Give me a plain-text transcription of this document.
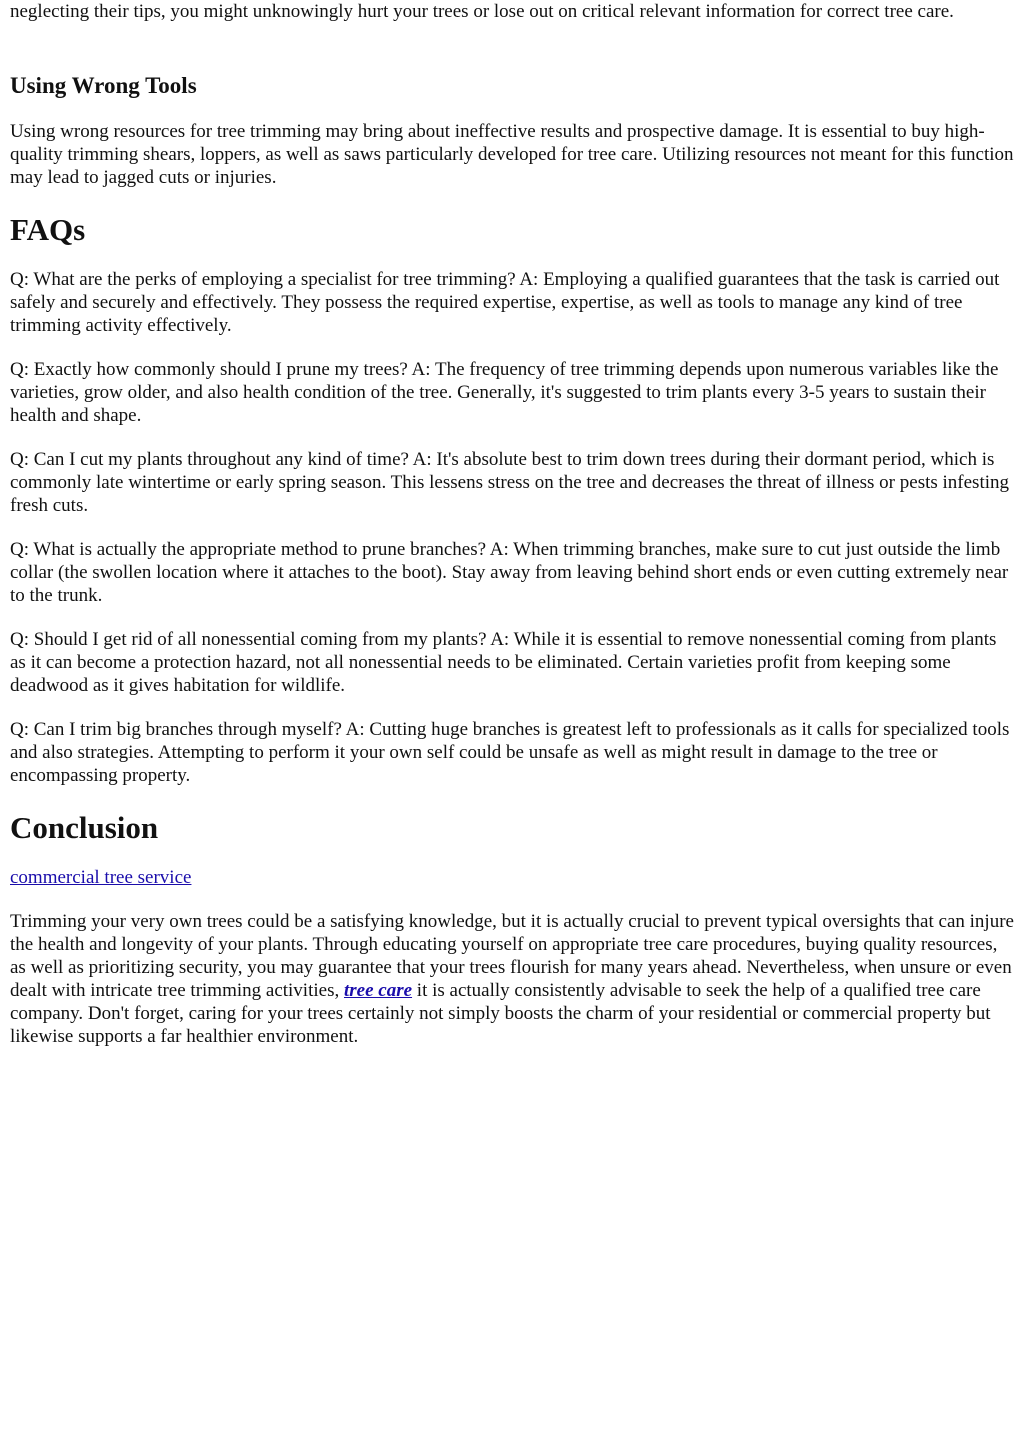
neglecting their tips, you might unknowingly hurt your trees or lose out on critical relevant information for correct tree care.

Using Wrong Tools

Using wrong resources for tree trimming may bring about ineffective results and prospective damage. It is essential to buy high-quality trimming shears, loppers, as well as saws particularly developed for tree care. Utilizing resources not meant for this function may lead to jagged cuts or injuries.

FAQs

Q: What are the perks of employing a specialist for tree trimming? A: Employing a qualified guarantees that the task is carried out safely and securely and effectively. They possess the required expertise, expertise, as well as tools to manage any kind of tree trimming activity effectively.

Q: Exactly how commonly should I prune my trees? A: The frequency of tree trimming depends upon numerous variables like the varieties, grow older, and also health condition of the tree. Generally, it's suggested to trim plants every 3-5 years to sustain their health and shape.

Q: Can I cut my plants throughout any kind of time? A: It's absolute best to trim down trees during their dormant period, which is commonly late wintertime or early spring season. This lessens stress on the tree and decreases the threat of illness or pests infesting fresh cuts.

Q: What is actually the appropriate method to prune branches? A: When trimming branches, make sure to cut just outside the limb collar (the swollen location where it attaches to the boot). Stay away from leaving behind short ends or even cutting extremely near to the trunk.

Q: Should I get rid of all nonessential coming from my plants? A: While it is essential to remove nonessential coming from plants as it can become a protection hazard, not all nonessential needs to be eliminated. Certain varieties profit from keeping some deadwood as it gives habitation for wildlife.

Q: Can I trim big branches through myself? A: Cutting huge branches is greatest left to professionals as it calls for specialized tools and also strategies. Attempting to perform it your own self could be unsafe as well as might result in damage to the tree or encompassing property.

Conclusion

commercial tree service

Trimming your very own trees could be a satisfying knowledge, but it is actually crucial to prevent typical oversights that can injure the health and longevity of your plants. Through educating yourself on appropriate tree care procedures, buying quality resources, as well as prioritizing security, you may guarantee that your trees flourish for many years ahead. Nevertheless, when unsure or even dealt with intricate tree trimming activities, tree care it is actually consistently advisable to seek the help of a qualified tree care company. Don't forget, caring for your trees certainly not simply boosts the charm of your residential or commercial property but likewise supports a far healthier environment.
